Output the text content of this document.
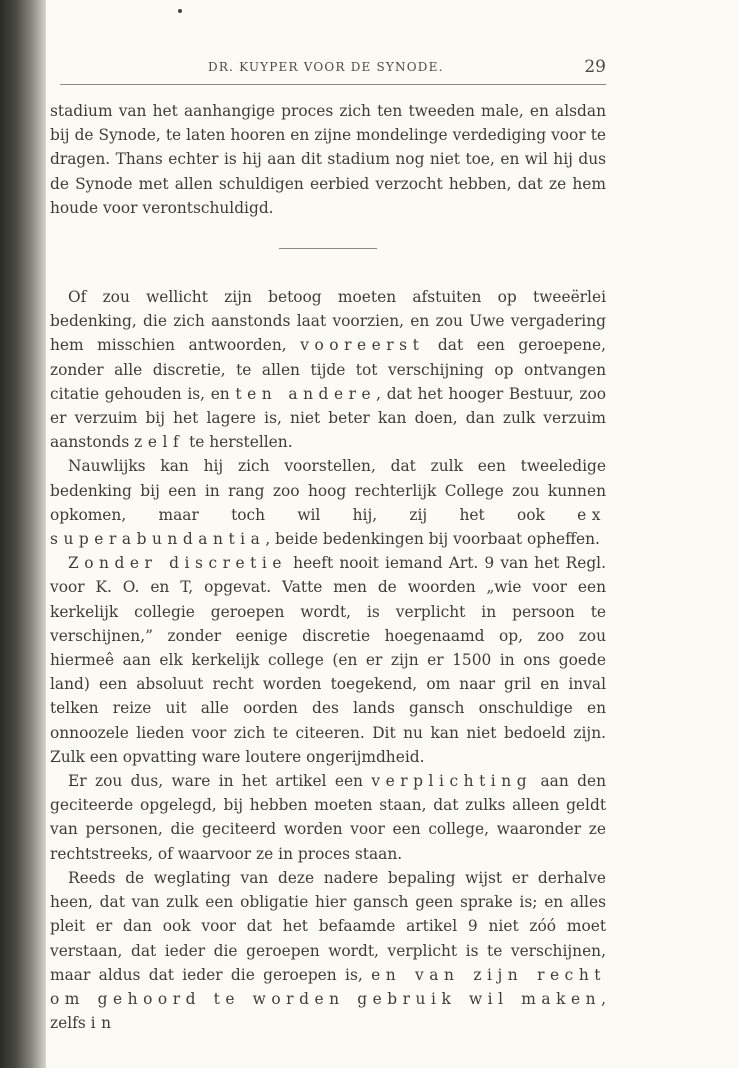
DR. KUYPER VOOR DE SYNODE.	29

stadium van het aanhangige proces zich ten tweeden male, en alsdan bij de Synode, te laten hooren en zijne mondelinge verdediging voor te dragen. Thans echter is hij aan dit stadium nog niet toe, en wil hij dus de Synode met allen schuldigen eerbied verzocht hebben, dat ze hem houde voor verontschuldigd.

Of zou wellicht zijn betoog moeten afstuiten op tweeërlei bedenking, die zich aanstonds laat voorzien, en zou Uwe vergadering hem misschien antwoorden, vooreerst dat een geroepene, zonder alle discretie, te allen tijde tot verschijning op ontvangen citatie gehouden is, en ten andere, dat het hooger Bestuur, zoo er verzuim bij het lagere is, niet beter kan doen, dan zulk verzuim aanstonds zelf te herstellen.

Nauwlijks kan hij zich voorstellen, dat zulk een tweeledige bedenking bij een in rang zoo hoog rechterlijk College zou kunnen opkomen, maar toch wil hij, zij het ook ex superabundantia, beide bedenkingen bij voorbaat opheffen.

Zonder discretie heeft nooit iemand Art. 9 van het Regl. voor K. O. en T, opgevat. Vatte men de woorden „wie voor een kerkelijk collegie geroepen wordt, is verplicht in persoon te verschijnen,” zonder eenige discretie hoegenaamd op, zoo zou hiermeê aan elk kerkelijk college (en er zijn er 1500 in ons goede land) een absoluut recht worden toegekend, om naar gril en inval telken reize uit alle oorden des lands gansch onschuldige en onnoozele lieden voor zich te citeeren. Dit nu kan niet bedoeld zijn. Zulk een opvatting ware loutere ongerijmdheid.

Er zou dus, ware in het artikel een verplichting aan den geciteerde opgelegd, bij hebben moeten staan, dat zulks alleen geldt van personen, die geciteerd worden voor een college, waaronder ze rechtstreeks, of waarvoor ze in proces staan.

Reeds de weglating van deze nadere bepaling wijst er derhalve heen, dat van zulk een obligatie hier gansch geen sprake is; en alles pleit er dan ook voor dat het befaamde artikel 9 niet zóó moet verstaan, dat ieder die geroepen wordt, verplicht is te verschijnen, maar aldus dat ieder die geroepen is, en van zijn recht om gehoord te worden gebruik wil maken, zelfs in
